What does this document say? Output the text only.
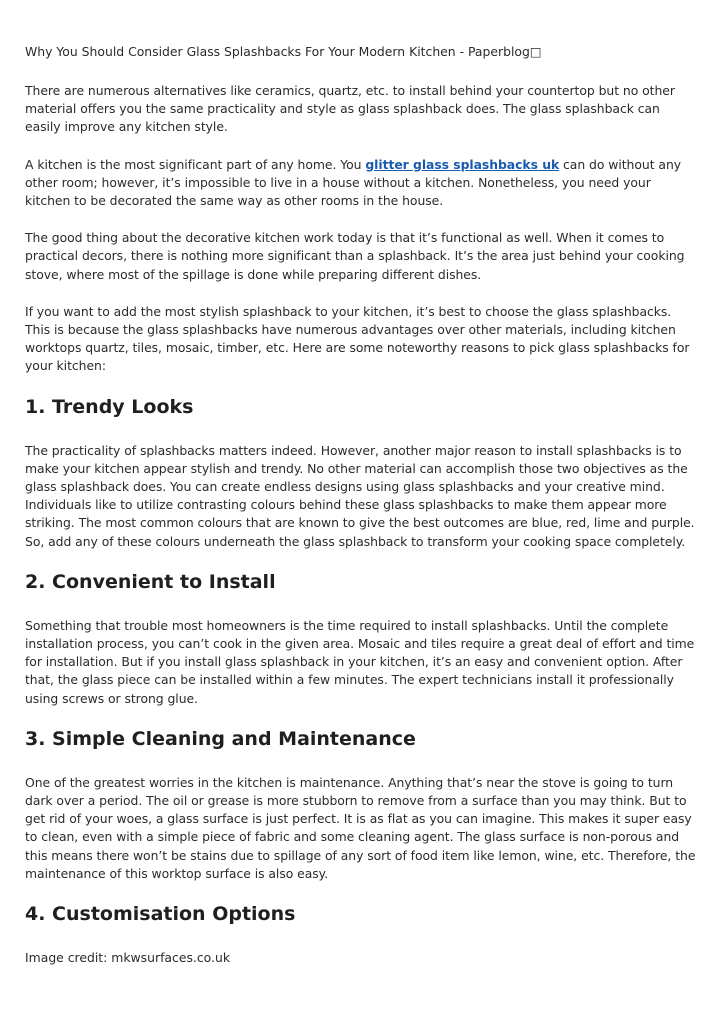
Why You Should Consider Glass Splashbacks For Your Modern Kitchen - Paperblog□

There are numerous alternatives like ceramics, quartz, etc. to install behind your countertop but no other material offers you the same practicality and style as glass splashback does. The glass splashback can easily improve any kitchen style.

A kitchen is the most significant part of any home. You glitter glass splashbacks uk can do without any other room; however, it’s impossible to live in a house without a kitchen. Nonetheless, you need your kitchen to be decorated the same way as other rooms in the house.

The good thing about the decorative kitchen work today is that it’s functional as well. When it comes to practical decors, there is nothing more significant than a splashback. It’s the area just behind your cooking stove, where most of the spillage is done while preparing different dishes.

If you want to add the most stylish splashback to your kitchen, it’s best to choose the glass splashbacks. This is because the glass splashbacks have numerous advantages over other materials, including kitchen worktops quartz, tiles, mosaic, timber, etc. Here are some noteworthy reasons to pick glass splashbacks for your kitchen:

1. Trendy Looks

The practicality of splashbacks matters indeed. However, another major reason to install splashbacks is to make your kitchen appear stylish and trendy. No other material can accomplish those two objectives as the glass splashback does. You can create endless designs using glass splashbacks and your creative mind. Individuals like to utilize contrasting colours behind these glass splashbacks to make them appear more striking. The most common colours that are known to give the best outcomes are blue, red, lime and purple. So, add any of these colours underneath the glass splashback to transform your cooking space completely.

2. Convenient to Install

Something that trouble most homeowners is the time required to install splashbacks. Until the complete installation process, you can’t cook in the given area. Mosaic and tiles require a great deal of effort and time for installation. But if you install glass splashback in your kitchen, it’s an easy and convenient option. After that, the glass piece can be installed within a few minutes. The expert technicians install it professionally using screws or strong glue.

3. Simple Cleaning and Maintenance

One of the greatest worries in the kitchen is maintenance. Anything that’s near the stove is going to turn dark over a period. The oil or grease is more stubborn to remove from a surface than you may think. But to get rid of your woes, a glass surface is just perfect. It is as flat as you can imagine. This makes it super easy to clean, even with a simple piece of fabric and some cleaning agent. The glass surface is non-porous and this means there won’t be stains due to spillage of any sort of food item like lemon, wine, etc. Therefore, the maintenance of this worktop surface is also easy.

4. Customisation Options

Image credit: mkwsurfaces.co.uk
